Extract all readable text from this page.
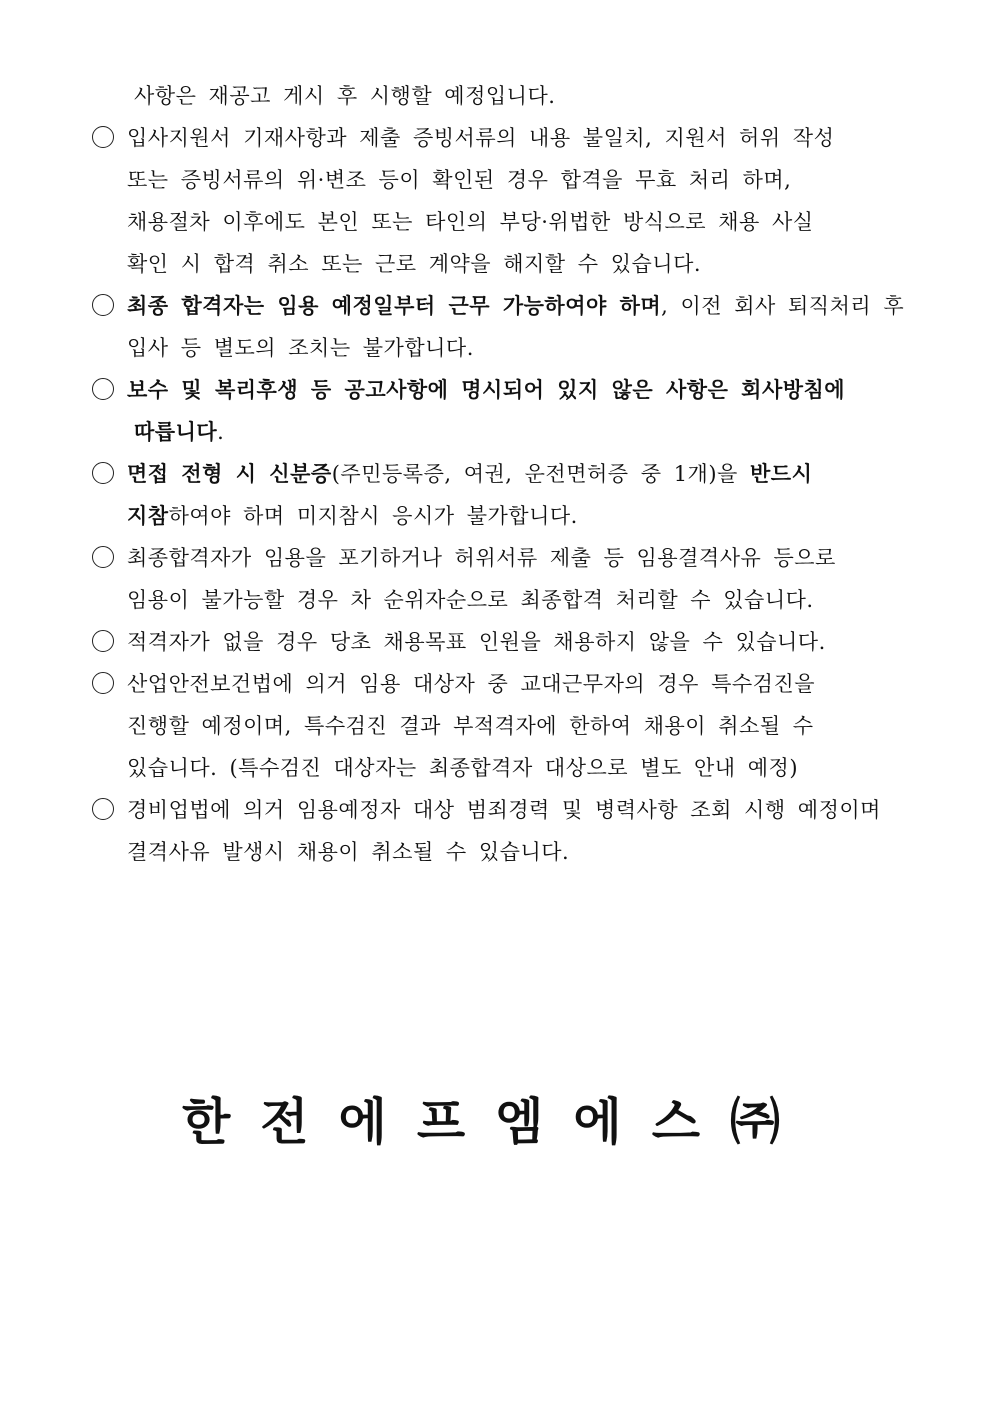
사항은 재공고 게시 후 시행할 예정입니다.
입사지원서 기재사항과 제출 증빙서류의 내용 불일치, 지원서 허위 작성
또는 증빙서류의 위·변조 등이 확인된 경우 합격을 무효 처리 하며,
채용절차 이후에도 본인 또는 타인의 부당·위법한 방식으로 채용 사실
확인 시 합격 취소 또는 근로 계약을 해지할 수 있습니다.
최종 합격자는 임용 예정일부터 근무 가능하여야 하며, 이전 회사 퇴직처리 후
입사 등 별도의 조치는 불가합니다.
보수 및 복리후생 등 공고사항에 명시되어 있지 않은 사항은 회사방침에
따릅니다.
면접 전형 시 신분증(주민등록증, 여권, 운전면허증 중 1개)을 반드시
지참하여야 하며 미지참시 응시가 불가합니다.
최종합격자가 임용을 포기하거나 허위서류 제출 등 임용결격사유 등으로
임용이 불가능할 경우 차 순위자순으로 최종합격 처리할 수 있습니다.
적격자가 없을 경우 당초 채용목표 인원을 채용하지 않을 수 있습니다.
산업안전보건법에 의거 임용 대상자 중 교대근무자의 경우 특수검진을
진행할 예정이며, 특수검진 결과 부적격자에 한하여 채용이 취소될 수
있습니다. (특수검진 대상자는 최종합격자 대상으로 별도 안내 예정)
경비업법에 의거 임용예정자 대상 범죄경력 및 병력사항 조회 시행 예정이며
결격사유 발생시 채용이 취소될 수 있습니다.
한전에프엠에스㈜
